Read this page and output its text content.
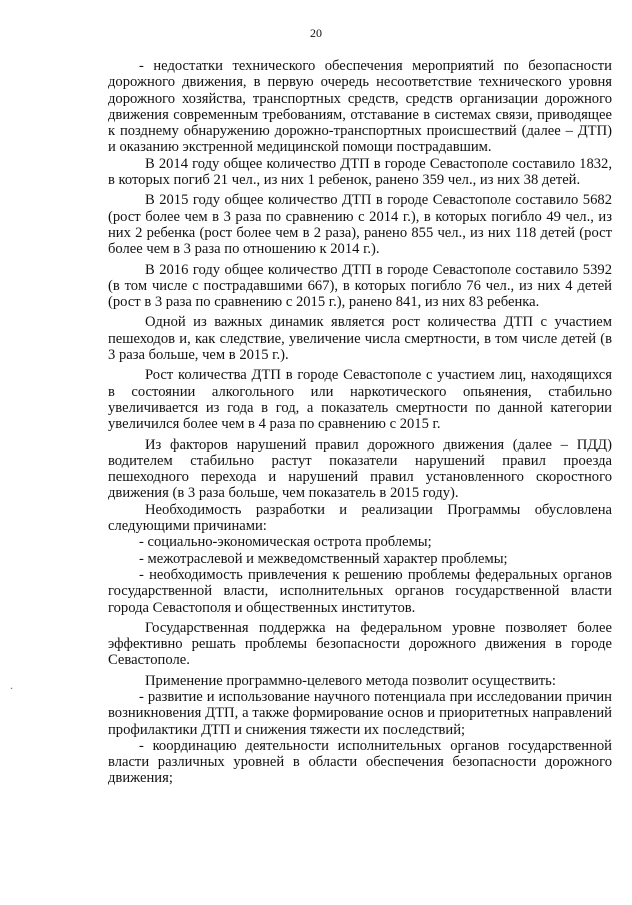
20

- недостатки технического обеспечения мероприятий по безопасности дорожного движения, в первую очередь несоответствие технического уровня дорожного хозяйства, транспортных средств, средств организации дорожного движения современным требованиям, отставание в системах связи, приводящее к позднему обнаружению дорожно-транспортных происшествий (далее – ДТП) и оказанию экстренной медицинской помощи пострадавшим.

В 2014 году общее количество ДТП в городе Севастополе составило 1832, в которых погиб 21 чел., из них 1 ребенок, ранено 359 чел., из них 38 детей.

В 2015 году общее количество ДТП в городе Севастополе составило 5682 (рост более чем в 3 раза по сравнению с 2014 г.), в которых погибло 49 чел., из них 2 ребенка (рост более чем в 2 раза), ранено 855 чел., из них 118 детей (рост более чем в 3 раза по отношению к 2014 г.).

В 2016 году общее количество ДТП в городе Севастополе составило 5392 (в том числе с пострадавшими 667), в которых погибло 76 чел., из них 4 детей (рост в 3 раза по сравнению с 2015 г.), ранено 841, из них 83 ребенка.

Одной из важных динамик является рост количества ДТП с участием пешеходов и, как следствие, увеличение числа смертности, в том числе детей (в 3 раза больше, чем в 2015 г.).

Рост количества ДТП в городе Севастополе с участием лиц, находящихся в состоянии алкогольного или наркотического опьянения, стабильно увеличивается из года в год, а показатель смертности по данной категории увеличился более чем в 4 раза по сравнению с 2015 г.

Из факторов нарушений правил дорожного движения (далее – ПДД) водителем стабильно растут показатели нарушений правил проезда пешеходного перехода и нарушений правил установленного скоростного движения (в 3 раза больше, чем показатель в 2015 году).

Необходимость разработки и реализации Программы обусловлена следующими причинами:

- социально-экономическая острота проблемы;

- межотраслевой и межведомственный характер проблемы;

- необходимость привлечения к решению проблемы федеральных органов государственной власти, исполнительных органов государственной власти города Севастополя и общественных институтов.

Государственная поддержка на федеральном уровне позволяет более эффективно решать проблемы безопасности дорожного движения в городе Севастополе.

Применение программно-целевого метода позволит осуществить:

- развитие и использование научного потенциала при исследовании причин возникновения ДТП, а также формирование основ и приоритетных направлений профилактики ДТП и снижения тяжести их последствий;

- координацию деятельности исполнительных органов государственной власти различных уровней в области обеспечения безопасности дорожного движения;

.
